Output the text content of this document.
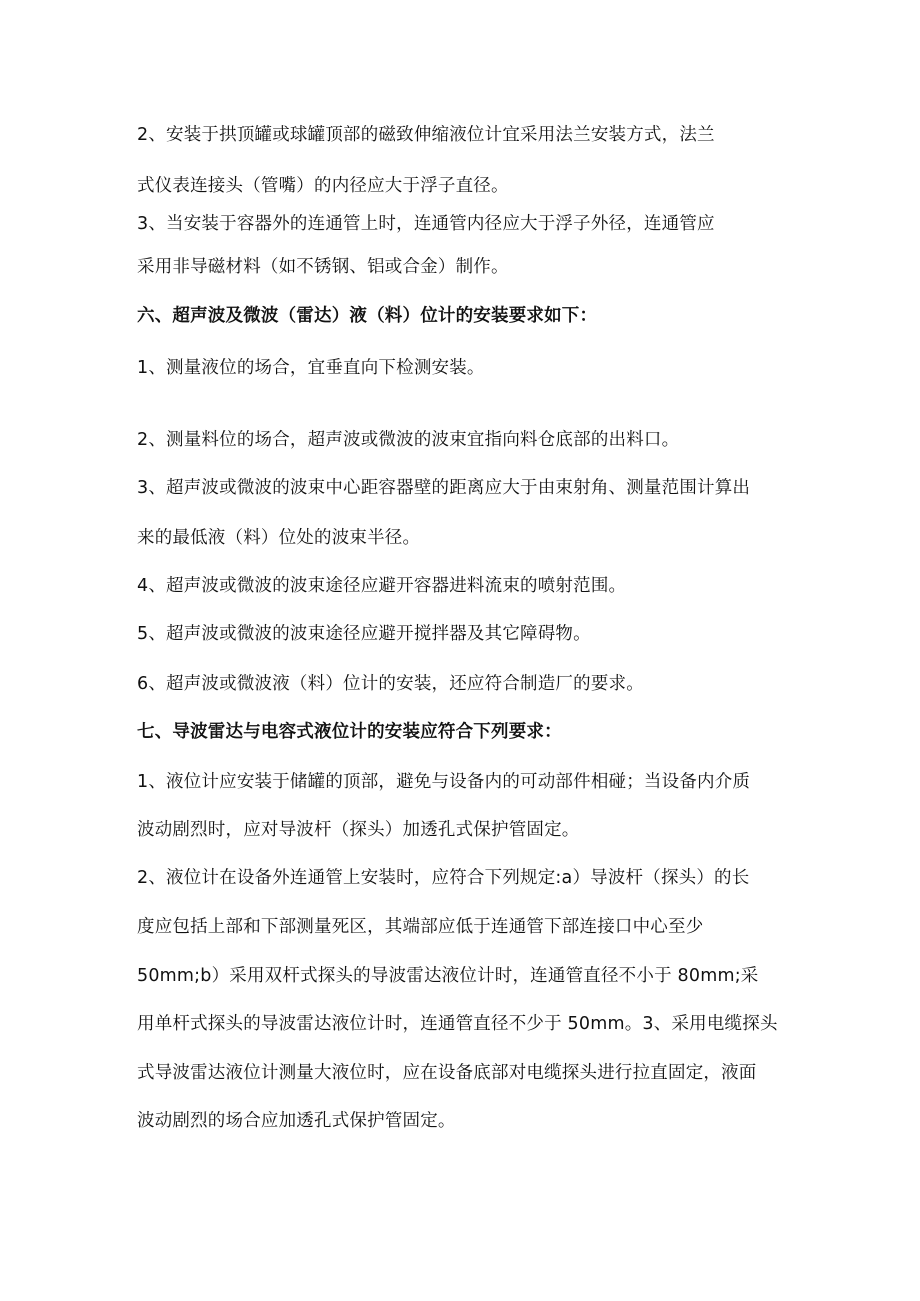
2、安装于拱顶罐或球罐顶部的磁致伸缩液位计宜采用法兰安装方式，法兰
式仪表连接头（管嘴）的内径应大于浮子直径。
3、当安装于容器外的连通管上时，连通管内径应大于浮子外径，连通管应
采用非导磁材料（如不锈钢、铝或合金）制作。
六、超声波及微波（雷达）液（料）位计的安装要求如下：
1、测量液位的场合，宜垂直向下检测安装。
2、测量料位的场合，超声波或微波的波束宜指向料仓底部的出料口。
3、超声波或微波的波束中心距容器壁的距离应大于由束射角、测量范围计算出
来的最低液（料）位处的波束半径。
4、超声波或微波的波束途径应避开容器进料流束的喷射范围。
5、超声波或微波的波束途径应避开搅拌器及其它障碍物。
6、超声波或微波液（料）位计的安装，还应符合制造厂的要求。
七、导波雷达与电容式液位计的安装应符合下列要求：
1、液位计应安装于储罐的顶部，避免与设备内的可动部件相碰；当设备内介质
波动剧烈时，应对导波杆（探头）加透孔式保护管固定。
2、液位计在设备外连通管上安装时，应符合下列规定:a）导波杆（探头）的长
度应包括上部和下部测量死区，其端部应低于连通管下部连接口中心至少
50mm;b）采用双杆式探头的导波雷达液位计时，连通管直径不小于 80mm;采
用单杆式探头的导波雷达液位计时，连通管直径不少于 50mm。3、采用电缆探头
式导波雷达液位计测量大液位时，应在设备底部对电缆探头进行拉直固定，液面
波动剧烈的场合应加透孔式保护管固定。
